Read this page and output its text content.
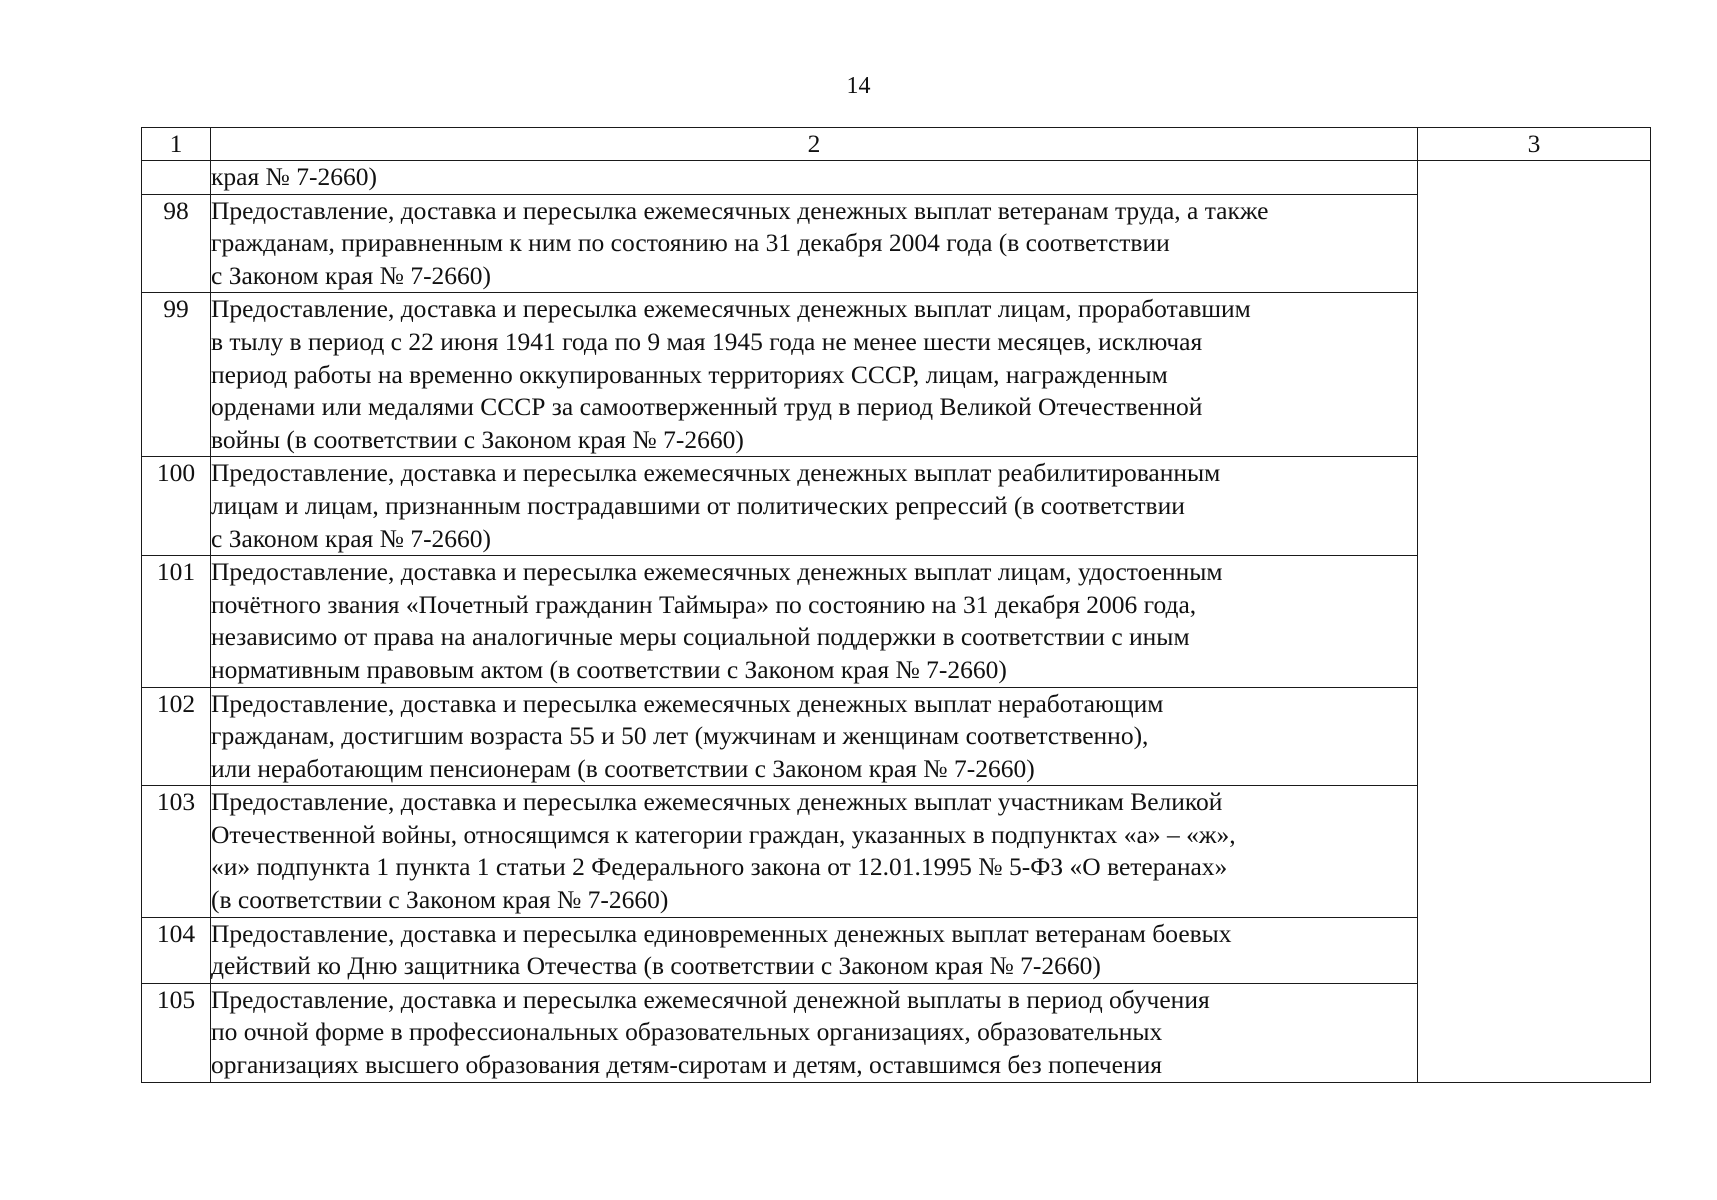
14
1	2	3
	края № 7-2660)	
98	Предоставление, доставка и пересылка ежемесячных денежных выплат ветеранам труда, а также
гражданам, приравненным к ним по состоянию на 31 декабря 2004 года (в соответствии
с Законом края № 7-2660)	
99	Предоставление, доставка и пересылка ежемесячных денежных выплат лицам, проработавшим
в тылу в период с 22 июня 1941 года по 9 мая 1945 года не менее шести месяцев, исключая
период работы на временно оккупированных территориях СССР, лицам, награжденным
орденами или медалями СССР за самоотверженный труд в период Великой Отечественной
войны (в соответствии с Законом края № 7-2660)	
100	Предоставление, доставка и пересылка ежемесячных денежных выплат реабилитированным
лицам и лицам, признанным пострадавшими от политических репрессий (в соответствии
с Законом края № 7-2660)	
101	Предоставление, доставка и пересылка ежемесячных денежных выплат лицам, удостоенным
почётного звания «Почетный гражданин Таймыра» по состоянию на 31 декабря 2006 года,
независимо от права на аналогичные меры социальной поддержки в соответствии с иным
нормативным правовым актом (в соответствии с Законом края № 7-2660)	
102	Предоставление, доставка и пересылка ежемесячных денежных выплат неработающим
гражданам, достигшим возраста 55 и 50 лет (мужчинам и женщинам соответственно),
или неработающим пенсионерам (в соответствии с Законом края № 7-2660)	
103	Предоставление, доставка и пересылка ежемесячных денежных выплат участникам Великой
Отечественной войны, относящимся к категории граждан, указанных в подпунктах «а» – «ж»,
«и» подпункта 1 пункта 1 статьи 2 Федерального закона от 12.01.1995 № 5-ФЗ «О ветеранах»
(в соответствии с Законом края № 7-2660)	
104	Предоставление, доставка и пересылка единовременных денежных выплат ветеранам боевых
действий ко Дню защитника Отечества (в соответствии с Законом края № 7-2660)	
105	Предоставление, доставка и пересылка ежемесячной денежной выплаты в период обучения
по очной форме в профессиональных образовательных организациях, образовательных
организациях высшего образования детям-сиротам и детям, оставшимся без попечения	
